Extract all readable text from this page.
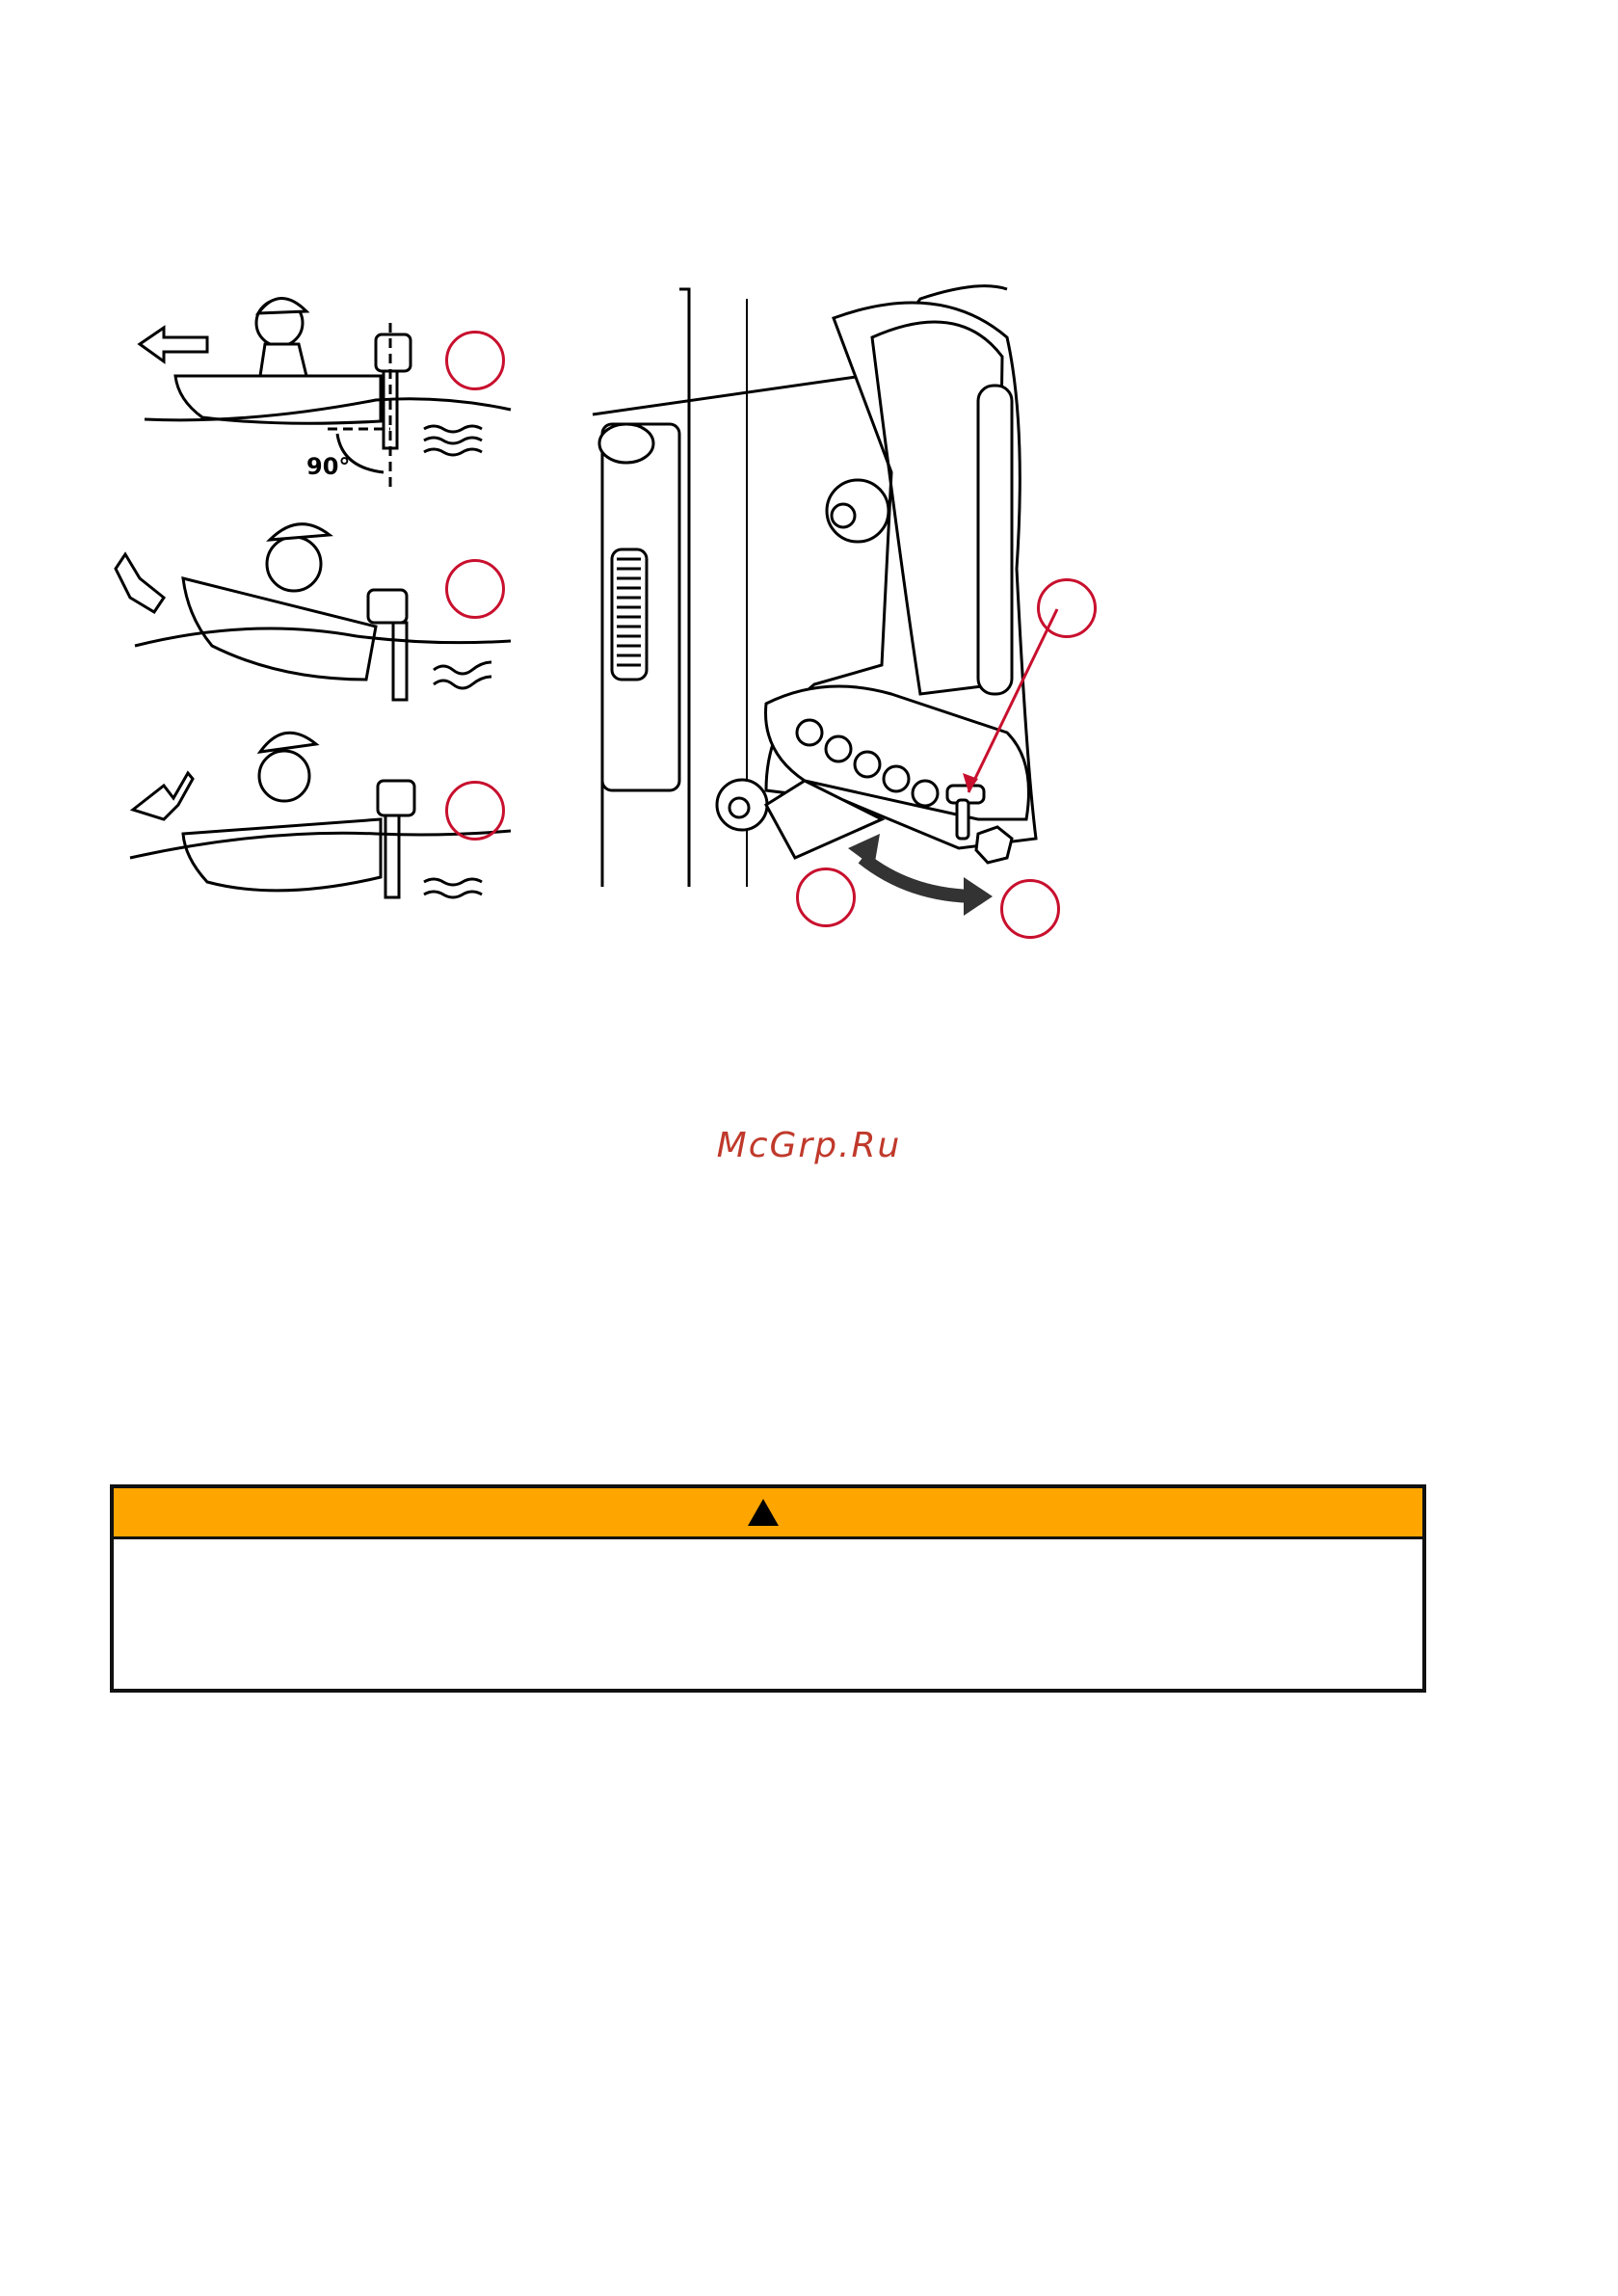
90°
McGrp.Ru
